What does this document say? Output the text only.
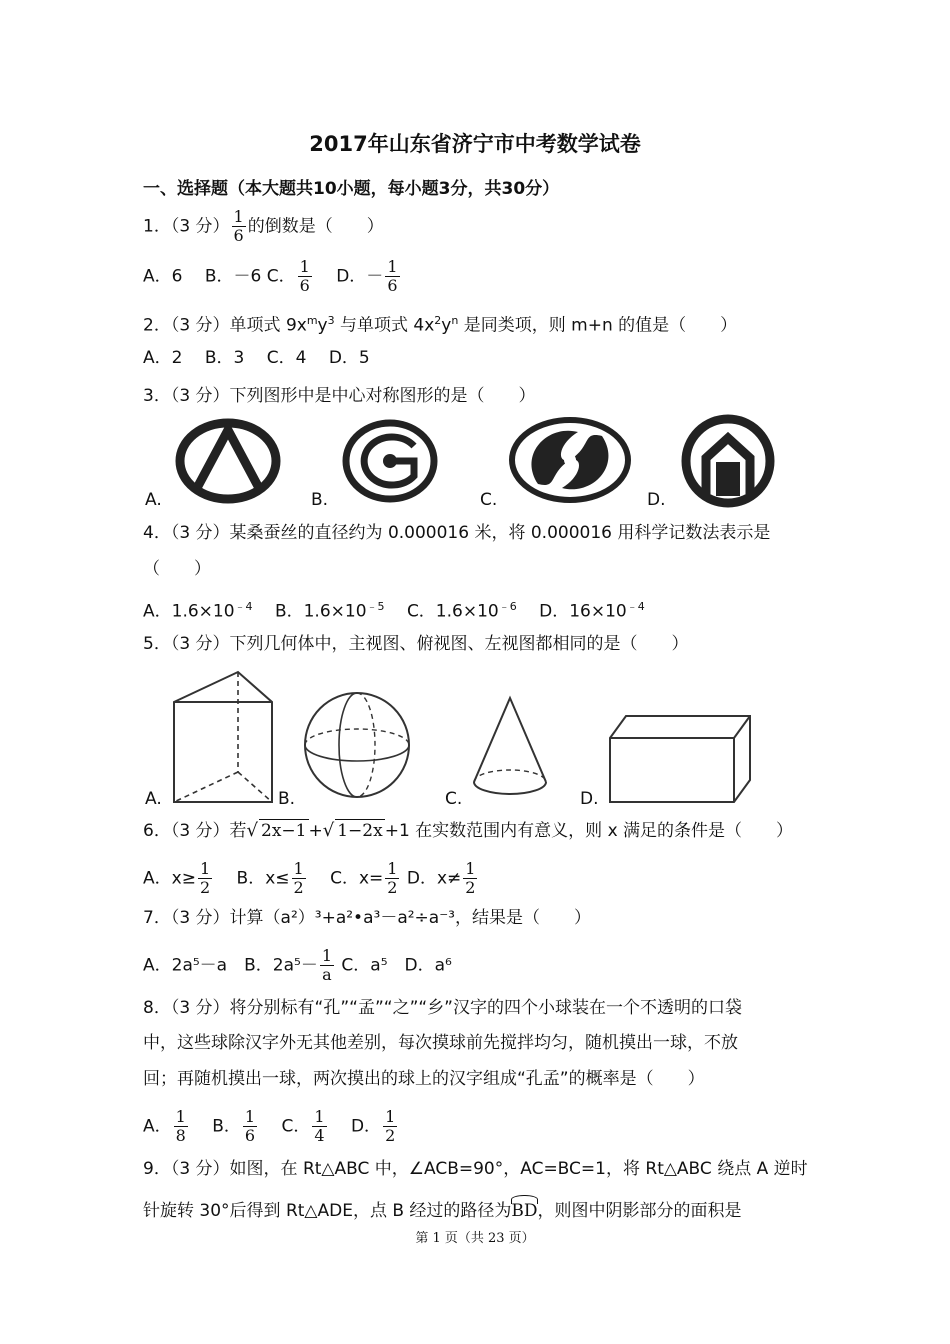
2017年山东省济宁市中考数学试卷
一、选择题（本大题共10小题，每小题3分，共30分）
1．（3 分） $\frac{1}{6}$ 的倒数是（　　）
A．6　 B．－6 C． $\frac{1}{6}$
　 D．－ $\frac{1}{6}$
2．（3 分）单项式 $9x^my^3$ 与单项式 $4x^2y^n$ 是同类项，则 m+n 的值是（　　）
A．2　 B．3　 C．4　 D．5
3．（3 分）下列图形中是中心对称图形的是（　　）
A.	B.	C.	D.
4．（3 分）某桑蚕丝的直径约为 0.000016 米，将 0.000016 用科学记数法表示是
（　　）
A．$1.6\times 10^{﹣4}$　 B．$1.6\times 10^{﹣5}$　 C．$1.6\times 10^{﹣6}$　 D．$16\times 10^{﹣4}$
5．（3 分）下列几何体中，主视图、俯视图、左视图都相同的是（　　）
A.	B.	C.	D.
6．（3 分）若√ 2x−1 +√ 1−2x +1 在实数范围内有意义，则 x 满足的条件是（　　）
A．$x\ge \frac{1}{2}$
　 B．$x\le \frac{1}{2}$
　 C．$x= \frac{1}{2}$ D．$x\ne \frac{1}{2}$
7．（3 分）计算（a²）³+a²•a³－a²÷a⁻³，结果是（　　）
A．2a⁵－a　 B．$2a^5- \frac{1}{a}$ C．a⁵　 D．a⁶
8．（3 分）将分别标有“孔”“孟”“之”“乡”汉字的四个小球装在一个不透明的口袋
中，这些球除汉字外无其他差别，每次摸球前先搅拌均匀，随机摸出一球，不放
回；再随机摸出一球，两次摸出的球上的汉字组成“孔孟”的概率是（　　）
A． $\frac{1}{8}$
　 B． $\frac{1}{6}$
　 C． $\frac{1}{4}$
　 D． $\frac{1}{2}$
9．（3 分）如图，在 Rt△ABC 中，∠ACB=90°，AC=BC=1，将 Rt△ABC 绕点 A 逆时
针旋转 30°后得到 Rt△ADE，点 B 经过的路径为BD，则图中阴影部分的面积是
第 1 页（共 23 页）
